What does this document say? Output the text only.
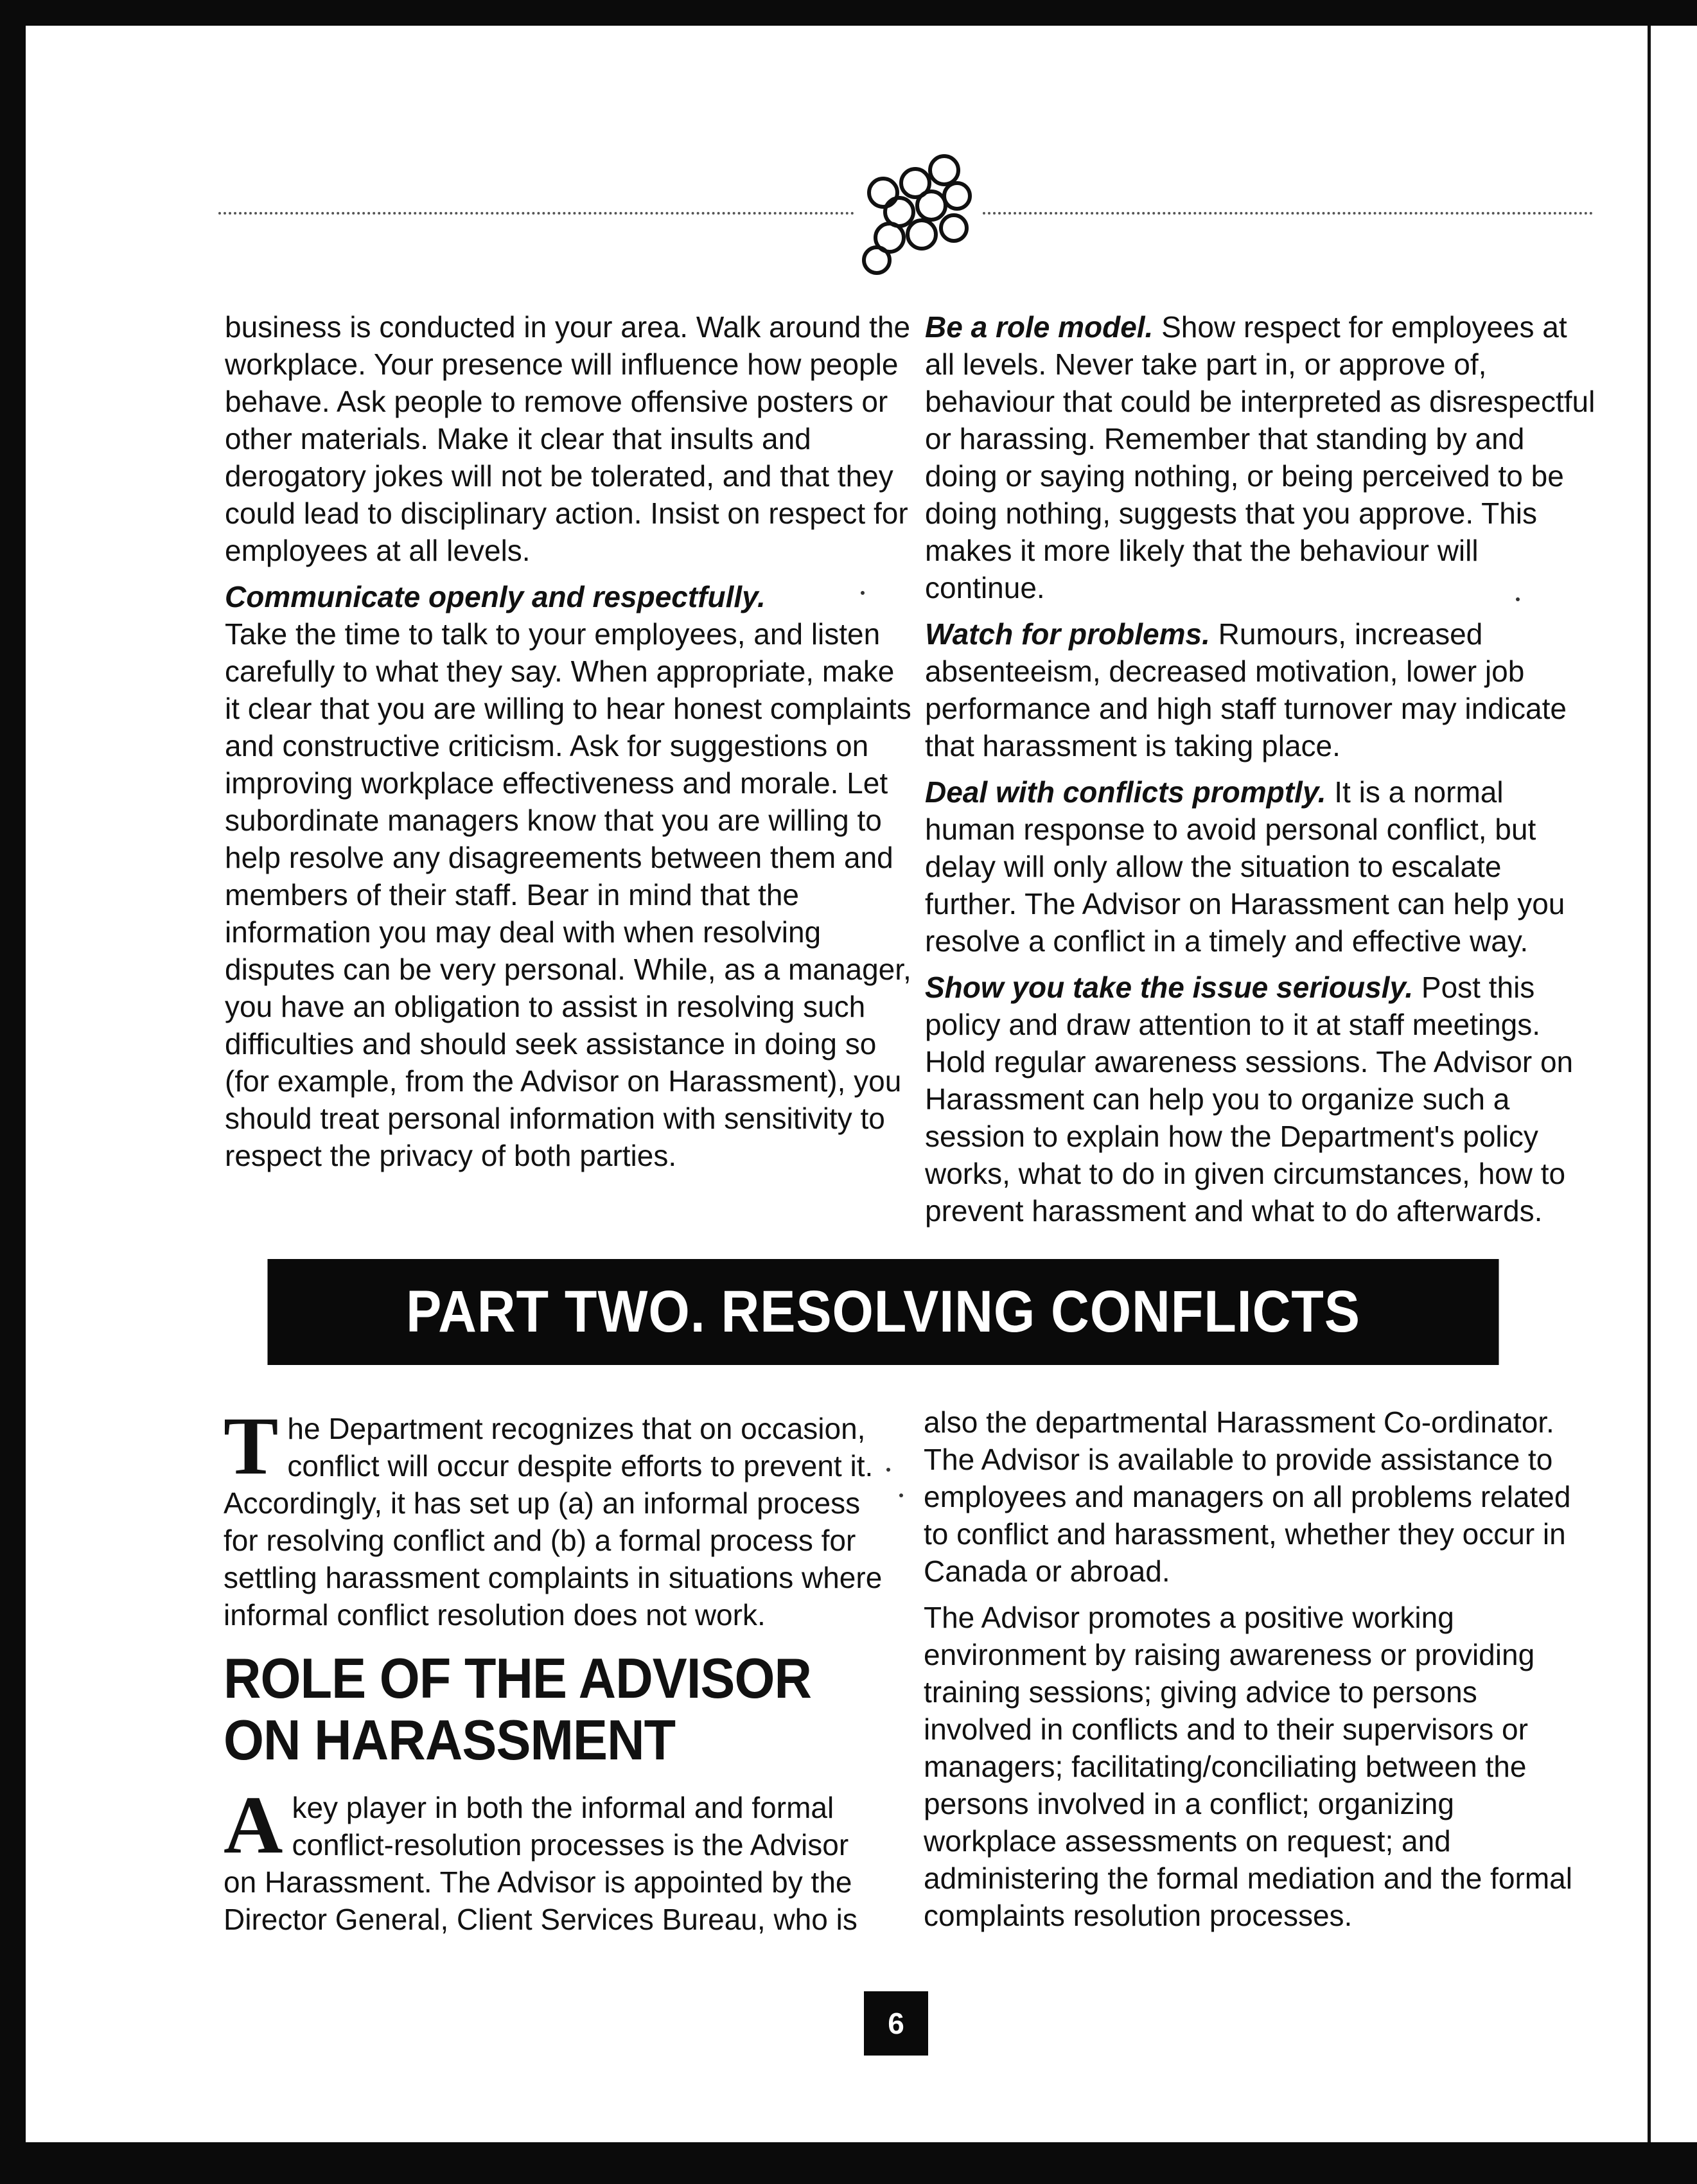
business is conducted in your area. Walk around the workplace. Your presence will influence how people behave. Ask people to remove offensive posters or other materials. Make it clear that insults and derogatory jokes will not be tolerated, and that they could lead to disciplinary action. Insist on respect for employees at all levels.

Communicate openly and respectfully.
Take the time to talk to your employees, and listen carefully to what they say. When appropriate, make it clear that you are willing to hear honest complaints and constructive criticism. Ask for suggestions on improving workplace effectiveness and morale. Let subordinate managers know that you are willing to help resolve any disagreements between them and members of their staff. Bear in mind that the information you may deal with when resolving disputes can be very personal. While, as a manager, you have an obligation to assist in resolving such difficulties and should seek assistance in doing so (for example, from the Advisor on Harassment), you should treat personal information with sensitivity to respect the privacy of both parties.

Be a role model. Show respect for employees at all levels. Never take part in, or approve of, behaviour that could be interpreted as disrespectful or harassing. Remember that standing by and doing or saying nothing, or being perceived to be doing nothing, suggests that you approve. This makes it more likely that the behaviour will continue.

Watch for problems. Rumours, increased absenteeism, decreased motivation, lower job performance and high staff turnover may indicate that harassment is taking place.

Deal with conflicts promptly. It is a normal human response to avoid personal conflict, but delay will only allow the situation to escalate further. The Advisor on Harassment can help you resolve a conflict in a timely and effective way.

Show you take the issue seriously. Post this policy and draw attention to it at staff meetings. Hold regular awareness sessions. The Advisor on Harassment can help you to organize such a session to explain how the Department's policy works, what to do in given circumstances, how to prevent harassment and what to do afterwards.

PART TWO. RESOLVING CONFLICTS

The Department recognizes that on occasion, conflict will occur despite efforts to prevent it. Accordingly, it has set up (a) an informal process for resolving conflict and (b) a formal process for settling harassment complaints in situations where informal conflict resolution does not work.

ROLE OF THE ADVISOR ON HARASSMENT

A key player in both the informal and formal conflict-resolution processes is the Advisor on Harassment. The Advisor is appointed by the Director General, Client Services Bureau, who is

also the departmental Harassment Co-ordinator. The Advisor is available to provide assistance to employees and managers on all problems related to conflict and harassment, whether they occur in Canada or abroad.

The Advisor promotes a positive working environment by raising awareness or providing training sessions; giving advice to persons involved in conflicts and to their supervisors or managers; facilitating/conciliating between the persons involved in a conflict; organizing workplace assessments on request; and administering the formal mediation and the formal complaints resolution processes.

6
